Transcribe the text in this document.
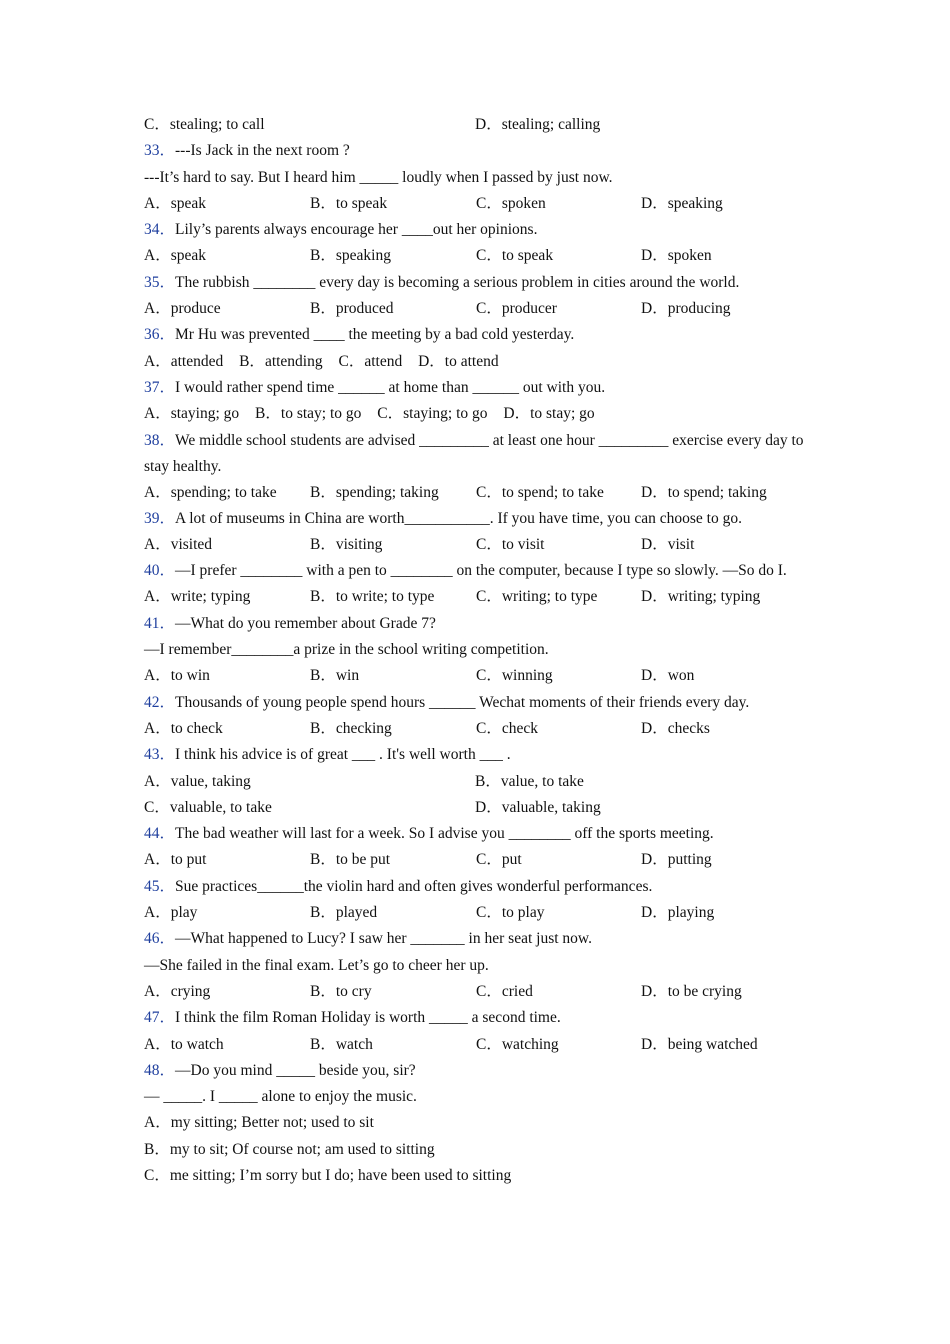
C．stealing; to call	D．stealing; calling
33．---Is Jack in the next room ?
---It’s hard to say. But I heard him _____ loudly when I passed by just now.
A．speak	B．to speak	C．spoken	D．speaking
34．Lily’s parents always encourage her ____out her opinions.
A．speak	B．speaking	C．to speak	D．spoken
35．The rubbish ________ every day is becoming a serious problem in cities around the world.
A．produce	B．produced	C．producer	D．producing
36．Mr Hu was prevented ____ the meeting by a bad cold yesterday.
A．attended B．attending C．attend D．to attend
37．I would rather spend time ______ at home than ______ out with you.
A．staying; go B．to stay; to go C．staying; to go D．to stay; go
38．We middle school students are advised _________ at least one hour _________ exercise every day to stay healthy.
A．spending; to take B．spending; taking C．to spend; to take D．to spend; taking
39．A lot of museums in China are worth___________. If you have time, you can choose to go.
A．visited	B．visiting	C．to visit	D．visit
40．—I prefer ________ with a pen to ________ on the computer, because I type so slowly. —So do I.
A．write; typing	B．to write; to type	C．writing; to type	D．writing; typing
41．—What do you remember about Grade 7?
—I remember________a prize in the school writing competition.
A．to win	B．win	C．winning	D．won
42．Thousands of young people spend hours ______ Wechat moments of their friends every day.
A．to check	B．checking	C．check	D．checks
43．I think his advice is of great ___ . It's well worth ___ .
A．value, taking	B．value, to take
C．valuable, to take	D．valuable, taking
44．The bad weather will last for a week. So I advise you ________ off the sports meeting.
A．to put	B．to be put	C．put	D．putting
45．Sue practices______the violin hard and often gives wonderful performances.
A．play	B．played	C．to play	D．playing
46．—What happened to Lucy? I saw her _______ in her seat just now.
—She failed in the final exam. Let’s go to cheer her up.
A．crying	B．to cry	C．cried	D．to be crying
47．I think the film Roman Holiday is worth _____ a second time.
A．to watch	B．watch	C．watching	D．being watched
48．—Do you mind _____ beside you, sir?
— _____. I _____ alone to enjoy the music.
A．my sitting; Better not; used to sit
B．my to sit; Of course not; am used to sitting
C．me sitting; I’m sorry but I do; have been used to sitting
